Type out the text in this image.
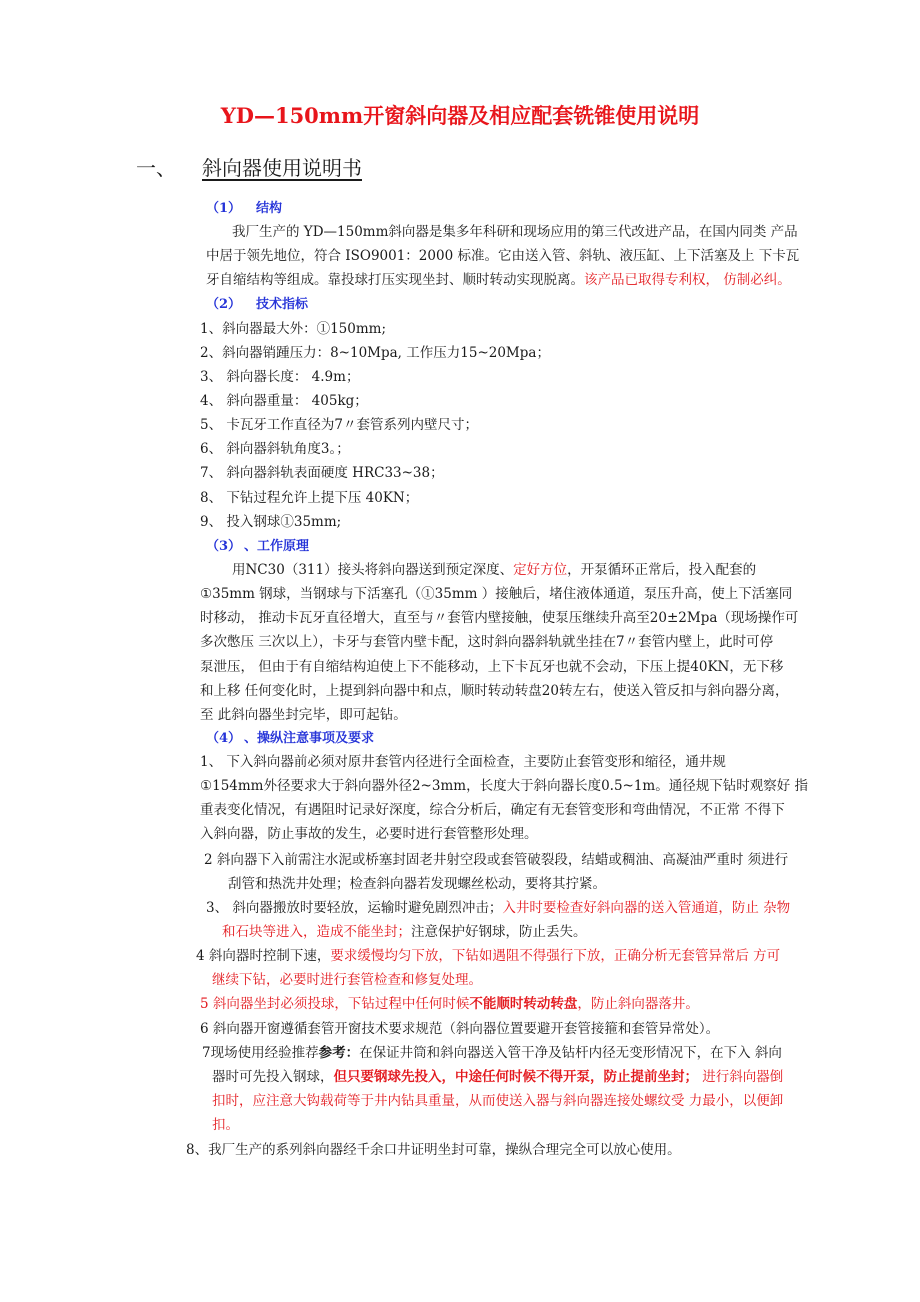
YD—150mm开窗斜向器及相应配套铣锥使用说明
一、 斜向器使用说明书
（1） 结构
我厂生产的 YD—150mm斜向器是集多年科研和现场应用的第三代改进产品，在国内同类 产品
中居于领先地位，符合 ISO9001：2000 标准。它由送入管、斜轨、液压缸、上下活塞及上 下卡瓦
牙自缩结构等组成。靠投球打压实现坐封、顺时转动实现脱离。该产品已取得专利权， 仿制必纠。
（2） 技术指标
1、斜向器最大外：①150mm;
2、斜向器销踵压力：8~10Mpa, 工作压力15~20Mpa；
3、 斜向器长度： 4.9m；
4、 斜向器重量： 405kg；
5、 卡瓦牙工作直径为7〃套管系列内壁尺寸；
6、 斜向器斜轨角度3。；
7、 斜向器斜轨表面硬度 HRC33~38；
8、 下钻过程允许上提下压 40KN；
9、 投入钢球①35mm;
（3） 、工作原理
用NC30（311）接头将斜向器送到预定深度、定好方位，开泵循环正常后，投入配套的
①35mm 钢球，当钢球与下活塞孔（①35mm ）接触后，堵住液体通道，泵压升高，使上下活塞同
时移动， 推动卡瓦牙直径增大，直至与〃套管内壁接触，使泵压继续升高至20±2Mpa（现场操作可
多次憋压 三次以上），卡牙与套管内壁卡配，这时斜向器斜轨就坐挂在7〃套管内壁上，此时可停
泵泄压， 但由于有自缩结构迫使上下不能移动，上下卡瓦牙也就不会动，下压上提40KN，无下移
和上移 任何变化时，上提到斜向器中和点，顺时转动转盘20转左右，使送入管反扣与斜向器分离，
至 此斜向器坐封完毕，即可起钻。
（4） 、操纵注意事项及要求
1、 下入斜向器前必须对原井套管内径进行全面检查，主要防止套管变形和缩径，通井规
①154mm外径要求大于斜向器外径2~3mm，长度大于斜向器长度0.5~1m。通径规下钻时观察好 指
重表变化情况，有遇阻时记录好深度，综合分析后，确定有无套管变形和弯曲情况，不正常 不得下
入斜向器，防止事故的发生，必要时进行套管整形处理。
2 斜向器下入前需注水泥或桥塞封固老井射空段或套管破裂段，结蜡或稠油、高凝油严重时 须进行
刮管和热洗井处理；检查斜向器若发现螺丝松动，要将其拧紧。
3、 斜向器搬放时要轻放，运输时避免剧烈冲击；入井时要检查好斜向器的送入管通道，防止 杂物
和石块等进入，造成不能坐封；注意保护好钢球，防止丢失。
4 斜向器时控制下速，要求缓慢均匀下放，下钻如遇阻不得强行下放，正确分析无套管异常后 方可
继续下钻，必要时进行套管检查和修复处理。
5 斜向器坐封必须投球，下钻过程中任何时候不能顺时转动转盘，防止斜向器落井。
6 斜向器开窗遵循套管开窗技术要求规范（斜向器位置要避开套管接箍和套管异常处）。
7现场使用经验推荐参考：在保证井筒和斜向器送入管干净及钻杆内径无变形情况下，在下入 斜向
器时可先投入钢球，但只要钢球先投入，中途任何时候不得开泵，防止提前坐封； 进行斜向器倒
扣时，应注意大钩载荷等于井内钻具重量，从而使送入器与斜向器连接处螺纹受 力最小，以便卸
扣。
8、我厂生产的系列斜向器经千余口井证明坐封可靠，操纵合理完全可以放心使用。
